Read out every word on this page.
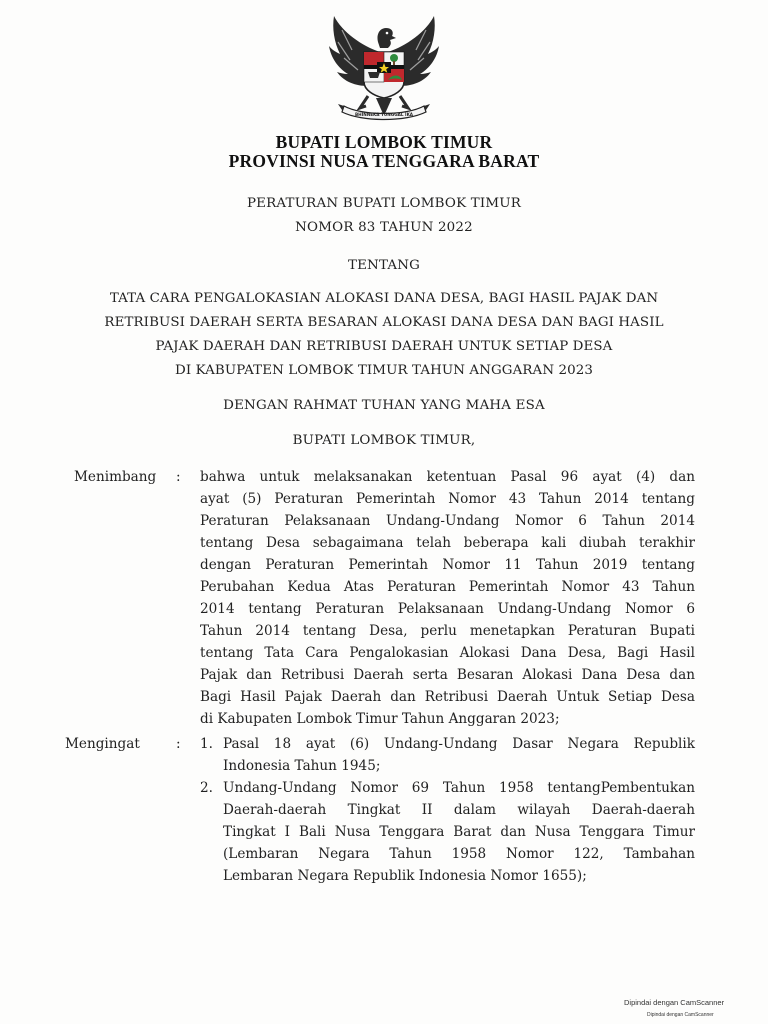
BHINNEKA TUNGGAL IKA
BUPATI LOMBOK TIMUR
PROVINSI NUSA TENGGARA BARAT
PERATURAN BUPATI LOMBOK TIMUR
NOMOR 83 TAHUN 2022
TENTANG
TATA CARA PENGALOKASIAN ALOKASI DANA DESA, BAGI HASIL PAJAK DAN
RETRIBUSI DAERAH SERTA BESARAN ALOKASI DANA DESA DAN BAGI HASIL
PAJAK DAERAH DAN RETRIBUSI DAERAH UNTUK SETIAP DESA
DI KABUPATEN LOMBOK TIMUR TAHUN ANGGARAN 2023
DENGAN RAHMAT TUHAN YANG MAHA ESA
BUPATI LOMBOK TIMUR,
Menimbang : bahwa untuk melaksanakan ketentuan Pasal 96 ayat (4) dan
ayat (5) Peraturan Pemerintah Nomor 43 Tahun 2014 tentang
Peraturan Pelaksanaan Undang-Undang Nomor 6 Tahun 2014
tentang Desa sebagaimana telah beberapa kali diubah terakhir
dengan Peraturan Pemerintah Nomor 11 Tahun 2019 tentang
Perubahan Kedua Atas Peraturan Pemerintah Nomor 43 Tahun
2014 tentang Peraturan Pelaksanaan Undang-Undang Nomor 6
Tahun 2014 tentang Desa, perlu menetapkan Peraturan Bupati
tentang Tata Cara Pengalokasian Alokasi Dana Desa, Bagi Hasil
Pajak dan Retribusi Daerah serta Besaran Alokasi Dana Desa dan
Bagi Hasil Pajak Daerah dan Retribusi Daerah Untuk Setiap Desa
di Kabupaten Lombok Timur Tahun Anggaran 2023;
Mengingat	: 1. Pasal 18 ayat (6) Undang-Undang Dasar Negara Republik
Indonesia Tahun 1945;
2. Undang-Undang Nomor 69 Tahun 1958 tentangPembentukan
Daerah-daerah Tingkat II dalam wilayah Daerah-daerah
Tingkat I Bali Nusa Tenggara Barat dan Nusa Tenggara Timur
(Lembaran Negara Tahun 1958 Nomor 122, Tambahan
Lembaran Negara Republik Indonesia Nomor 1655);
Dipindai dengan CamScanner
Dipindai dengan CamScanner
